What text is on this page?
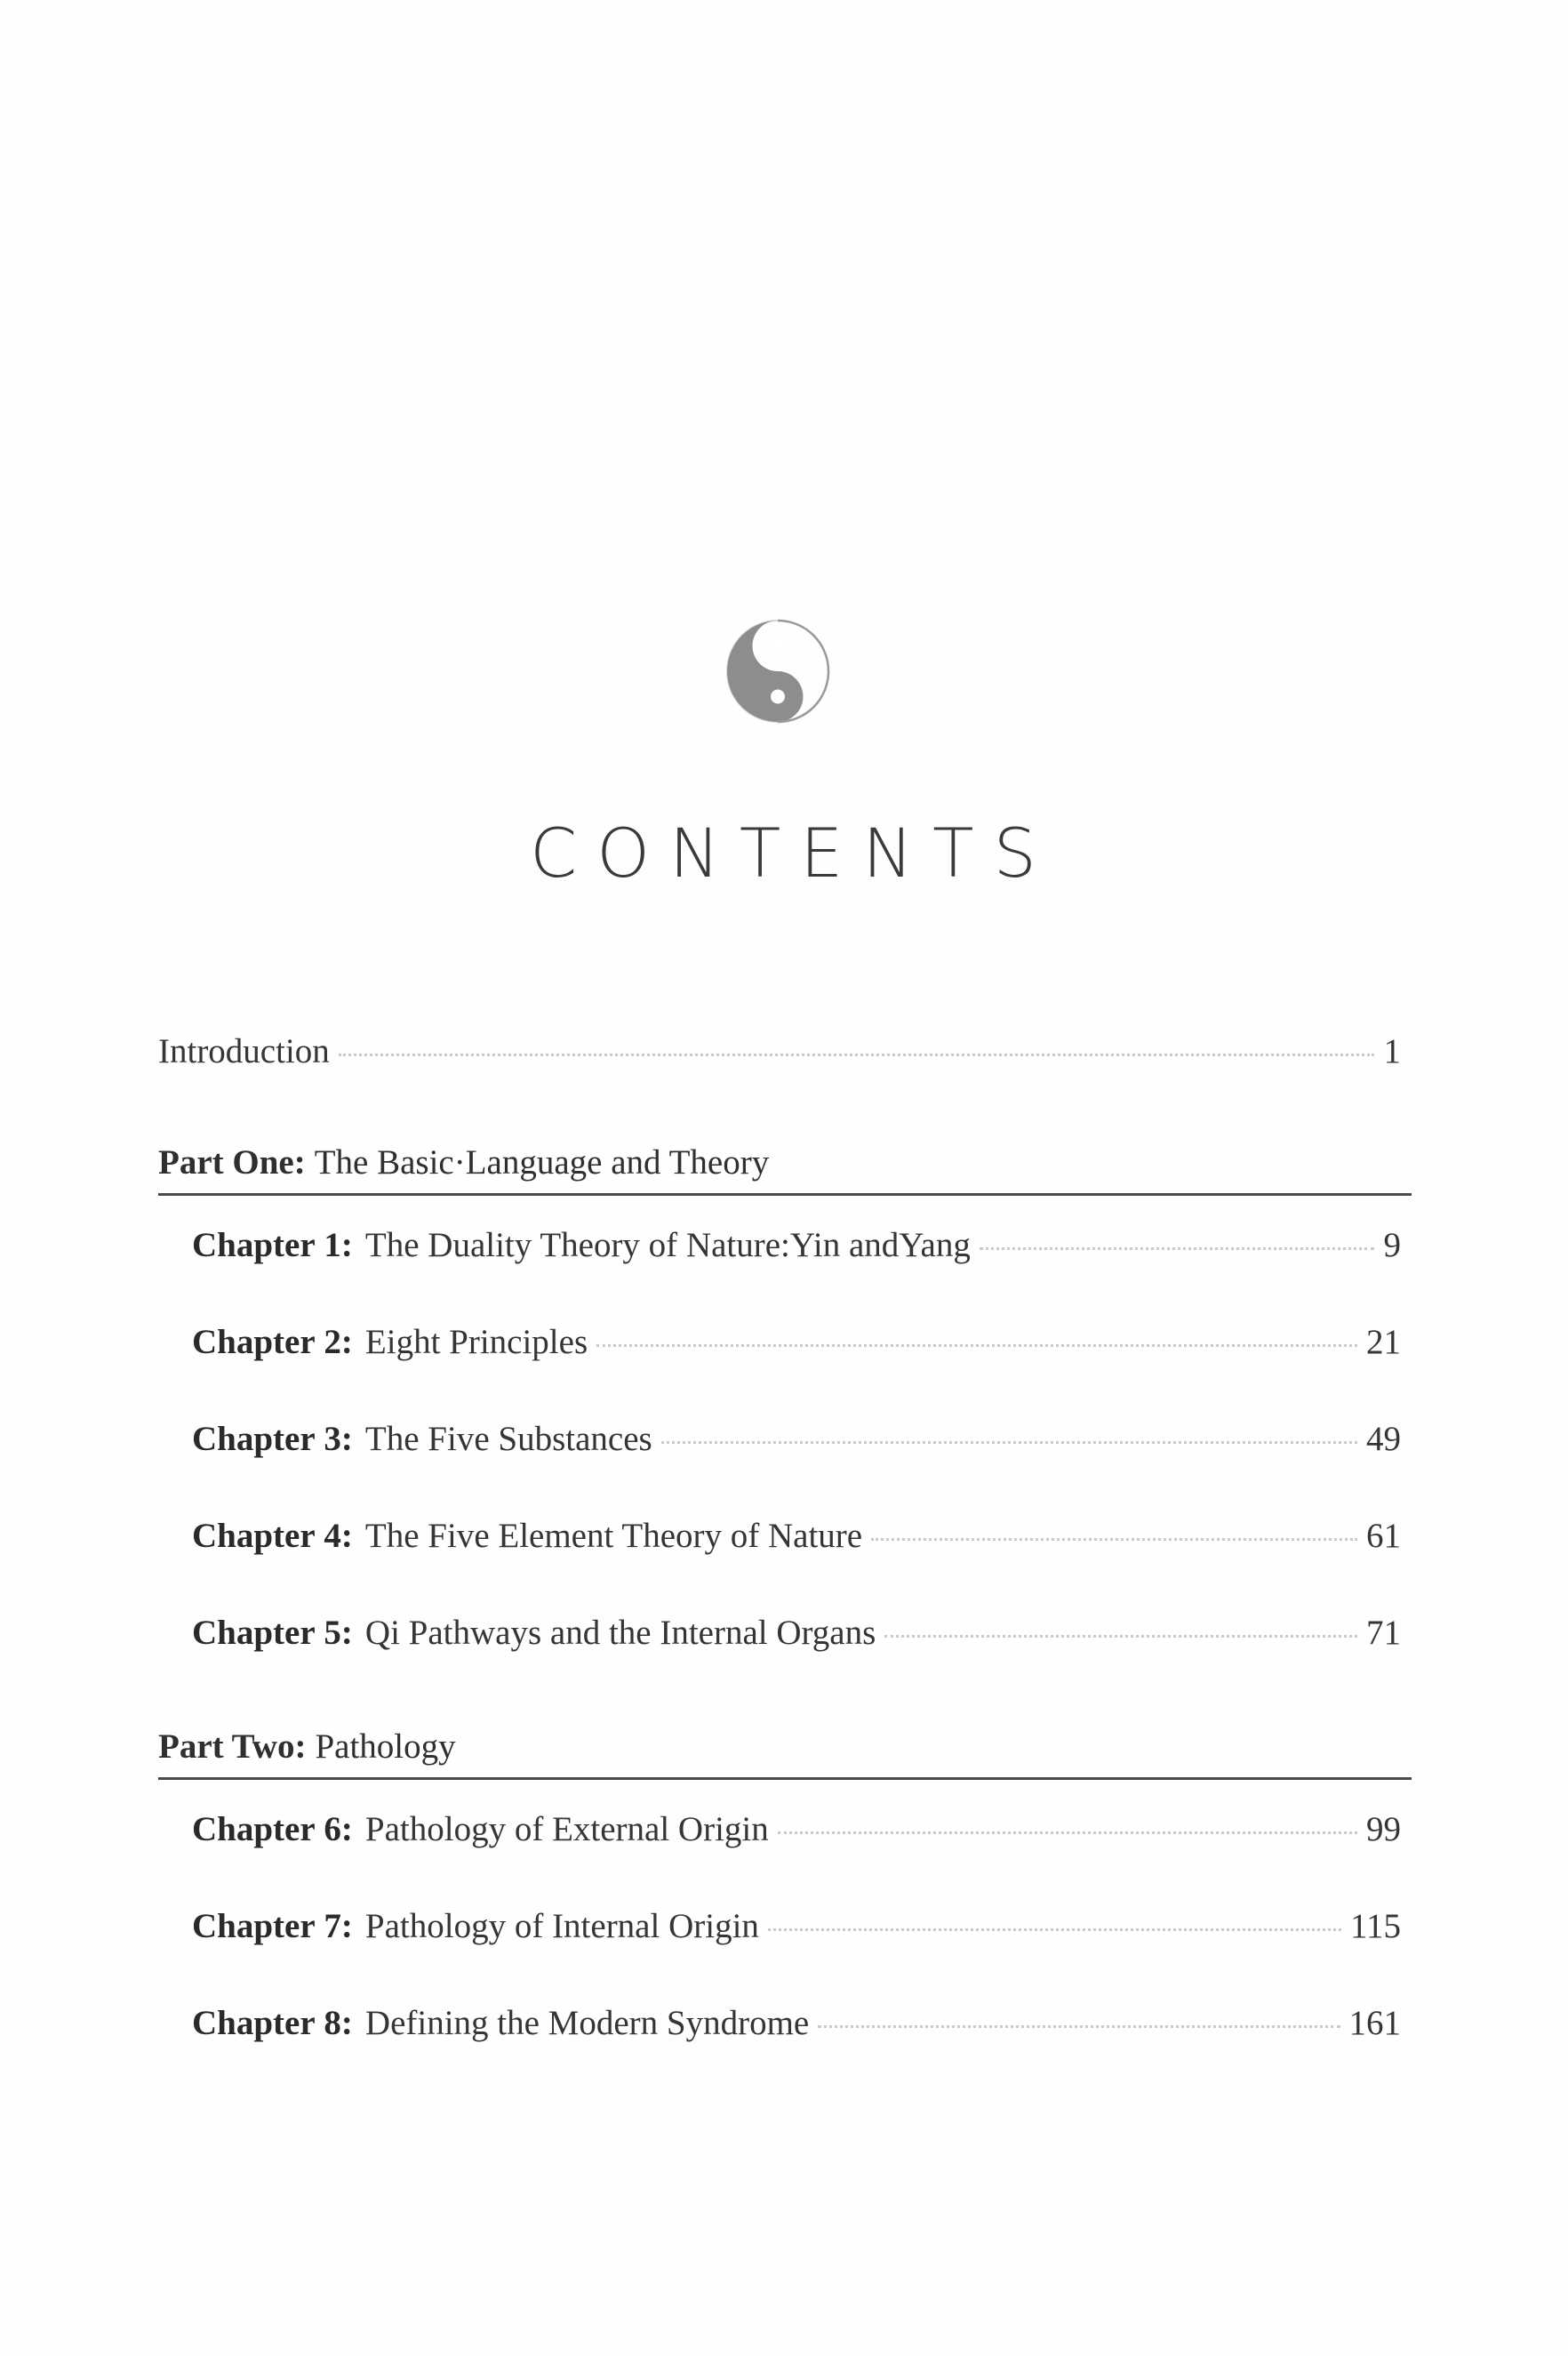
CONTENTS
Introduction	1
Part One: The Basic·Language and Theory
Chapter 1: The Duality Theory of Nature:Yin andYang	9
Chapter 2: Eight Principles	21
Chapter 3: The Five Substances	49
Chapter 4: The Five Element Theory of Nature	61
Chapter 5: Qi Pathways and the Internal Organs	71
Part Two: Pathology
Chapter 6: Pathology of External Origin	99
Chapter 7: Pathology of Internal Origin	115
Chapter 8: Defining the Modern Syndrome	161
